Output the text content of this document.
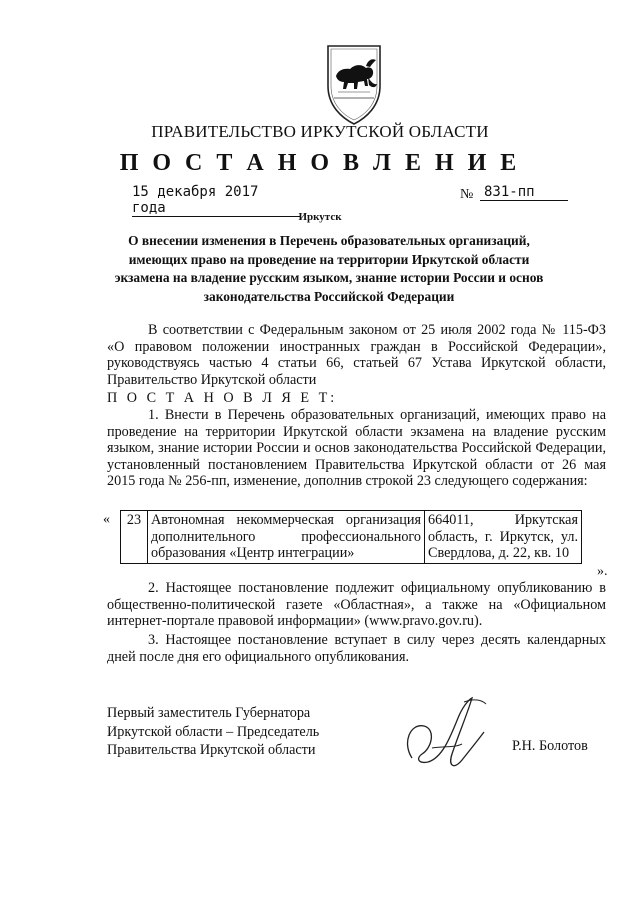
ПРАВИТЕЛЬСТВО ИРКУТСКОЙ ОБЛАСТИ
П О С Т А Н О В Л Е Н И Е
15 декабря 2017 года
№ 831-пп
Иркутск
О внесении изменения в Перечень образовательных организаций, имеющих право на проведение на территории Иркутской области экзамена на владение русским языком, знание истории России и основ законодательства Российской Федерации
В соответствии с Федеральным законом от 25 июля 2002 года № 115-ФЗ «О правовом положении иностранных граждан в Российской Федерации», руководствуясь частью 4 статьи 66, статьей 67 Устава Иркутской области, Правительство Иркутской области
П О С Т А Н О В Л Я Е Т:
1. Внести в Перечень образовательных организаций, имеющих право на проведение на территории Иркутской области экзамена на владение русским языком, знание истории России и основ законодательства Российской Федерации, установленный постановлением Правительства Иркутской области от 26 мая 2015 года № 256-пп, изменение, дополнив строкой 23 следующего содержания:
« 23	Автономная некоммерческая организация дополнительного профессионального образования «Центр интеграции»	664011, Иркутская область, г. Иркутск, ул. Свердлова, д. 22, кв. 10
».
2. Настоящее постановление подлежит официальному опубликованию в общественно-политической газете «Областная», а также на «Официальном интернет-портале правовой информации» (www.pravo.gov.ru).
3. Настоящее постановление вступает в силу через десять календарных дней после дня его официального опубликования.
Первый заместитель Губернатора
Иркутской области – Председатель
Правительства Иркутской области	Р.Н. Болотов
